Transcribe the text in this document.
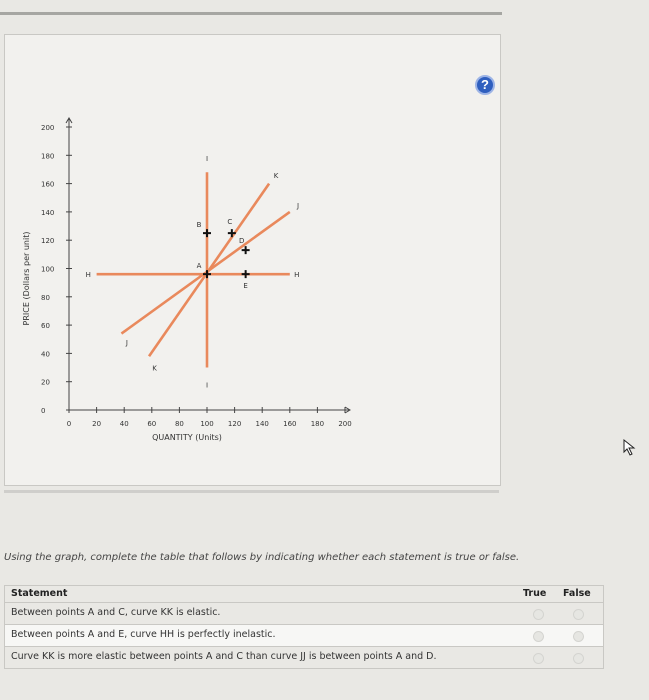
?
0
20
40
60
80
100
120
140
160
180
200
0	20	40	60	80 100 120 140 160 180 200
QUANTITY (Units)
PRICE (Dollars per unit)	H	H
I
I
J
J
K
K
A
B	C
D
E
Using the graph, complete the table that follows by indicating whether each statement is true or false.
Statement	True False
Between points A and C, curve KK is elastic.
Between points A and E, curve HH is perfectly inelastic.
Curve KK is more elastic between points A and C than curve JJ is between points A and D.
